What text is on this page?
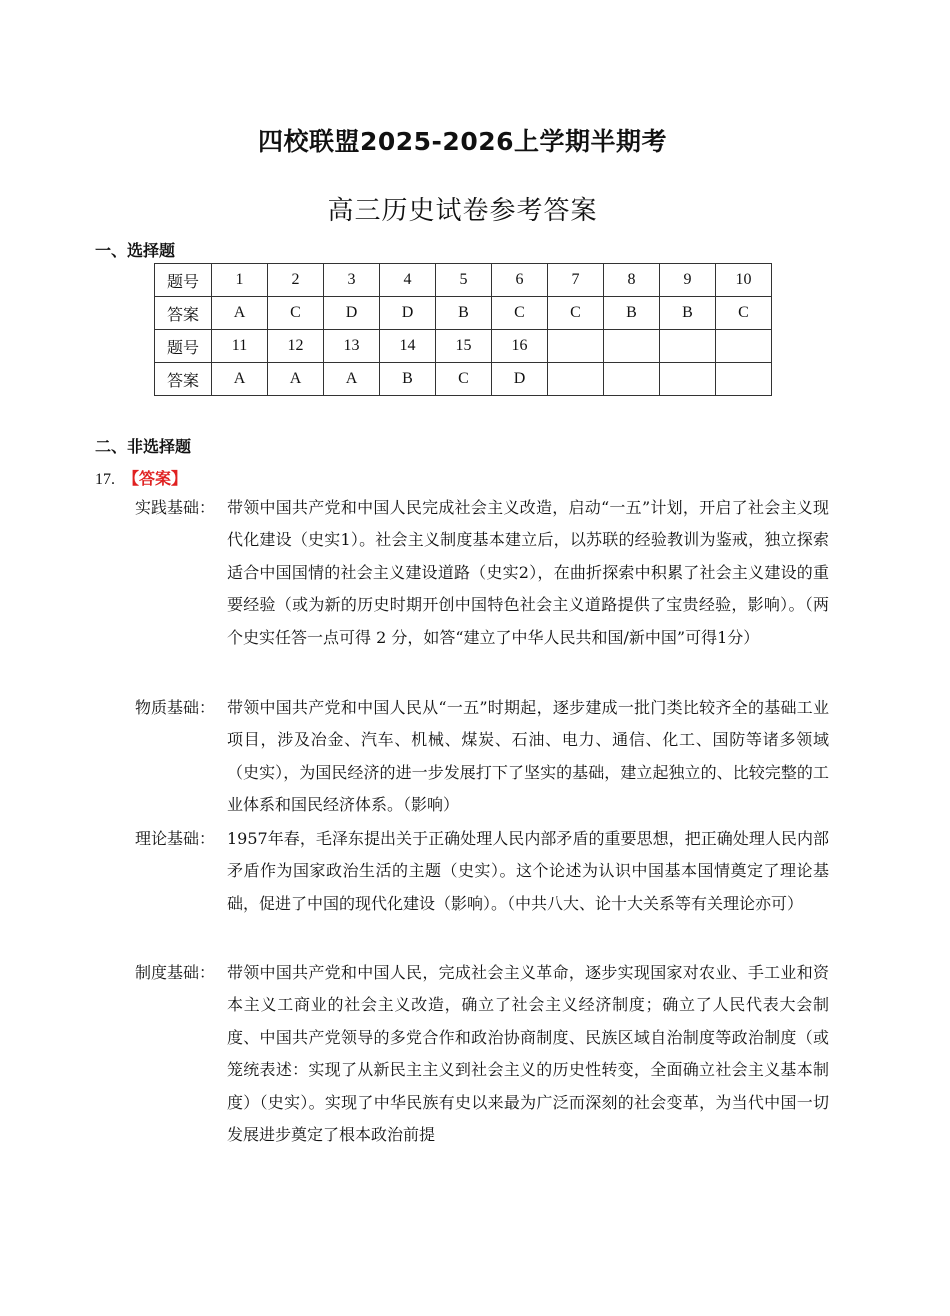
四校联盟2025-2026上学期半期考
高三历史试卷参考答案
一、选择题
题号	1	2	3	4	5	6	7	8	9	10
答案	A	C	D	D	B	C	C	B	B	C
题号	11	12	13	14	15	16				
答案	A	A	A	B	C	D				
二、非选择题
17. 【答案】
实践基础： 带领中国共产党和中国人民完成社会主义改造，启动“一五”计划，开启了社会主义现代化建设（史实1）。社会主义制度基本建立后，以苏联的经验教训为鉴戒，独立探索适合中国国情的社会主义建设道路（史实2），在曲折探索中积累了社会主义建设的重要经验（或为新的历史时期开创中国特色社会主义道路提供了宝贵经验，影响）。（两个史实任答一点可得 2 分，如答“建立了中华人民共和国/新中国”可得1分）
物质基础： 带领中国共产党和中国人民从“一五”时期起，逐步建成一批门类比较齐全的基础工业项目，涉及冶金、汽车、机械、煤炭、石油、电力、通信、化工、国防等诸多领域（史实），为国民经济的进一步发展打下了坚实的基础，建立起独立的、比较完整的工业体系和国民经济体系。（影响）
理论基础： 1957年春，毛泽东提出关于正确处理人民内部矛盾的重要思想，把正确处理人民内部矛盾作为国家政治生活的主题（史实）。这个论述为认识中国基本国情奠定了理论基础，促进了中国的现代化建设（影响）。（中共八大、论十大关系等有关理论亦可）
制度基础： 带领中国共产党和中国人民，完成社会主义革命，逐步实现国家对农业、手工业和资本主义工商业的社会主义改造，确立了社会主义经济制度；确立了人民代表大会制度、中国共产党领导的多党合作和政治协商制度、民族区域自治制度等政治制度（或笼统表述：实现了从新民主主义到社会主义的历史性转变，全面确立社会主义基本制度）（史实）。实现了中华民族有史以来最为广泛而深刻的社会变革，为当代中国一切发展进步奠定了根本政治前提
